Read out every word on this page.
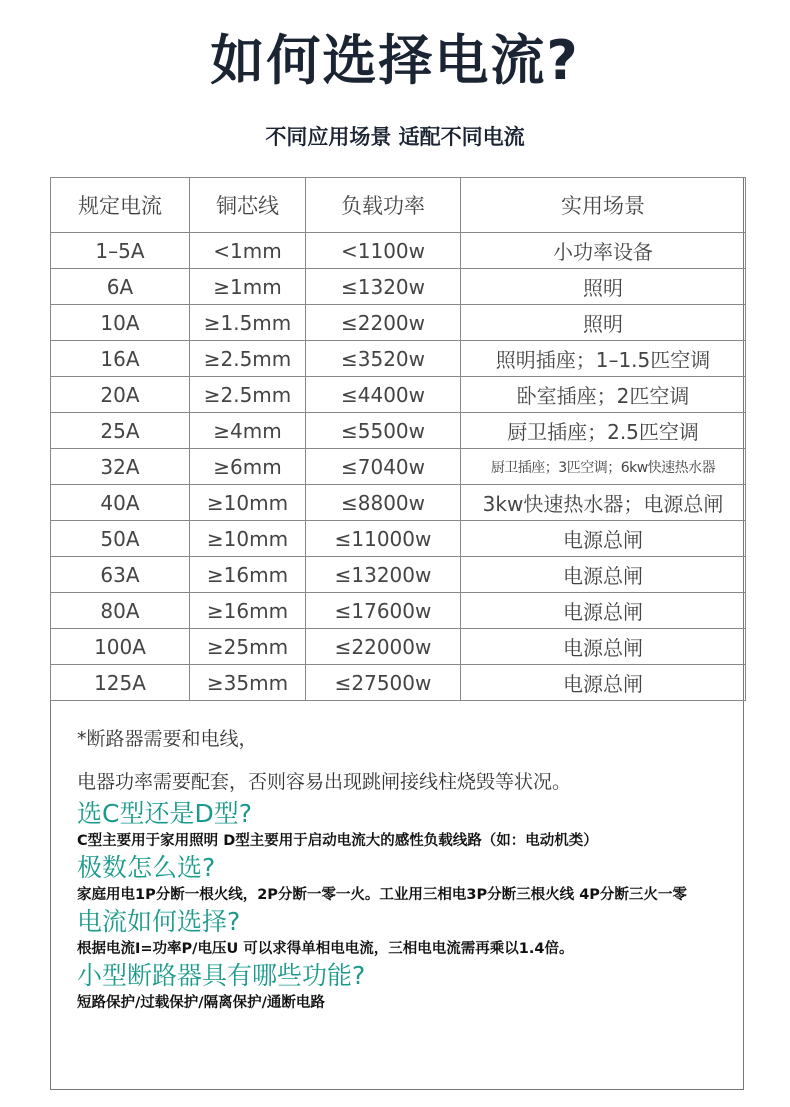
如何选择电流?
不同应用场景 适配不同电流
规定电流	铜芯线	负载功率	实用场景
1–5A	<1mm	<1100w	小功率设备
6A	≥1mm	≤1320w	照明
10A	≥1.5mm	≤2200w	照明
16A	≥2.5mm	≤3520w	照明插座；1–1.5匹空调
20A	≥2.5mm	≤4400w	卧室插座；2匹空调
25A	≥4mm	≤5500w	厨卫插座；2.5匹空调
32A	≥6mm	≤7040w	厨卫插座；3匹空调；6kw快速热水器
40A	≥10mm	≤8800w	3kw快速热水器；电源总闸
50A	≥10mm	≤11000w	电源总闸
63A	≥16mm	≤13200w	电源总闸
80A	≥16mm	≤17600w	电源总闸
100A	≥25mm	≤22000w	电源总闸
125A	≥35mm	≤27500w	电源总闸
*断路器需要和电线，
电器功率需要配套，否则容易出现跳闸接线柱烧毁等状况。
选C型还是D型?
C型主要用于家用照明 D型主要用于启动电流大的感性负载线路（如：电动机类）
极数怎么选?
家庭用电1P分断一根火线，2P分断一零一火。工业用三相电3P分断三根火线 4P分断三火一零
电流如何选择?
根据电流I=功率P/电压U 可以求得单相电电流，三相电电流需再乘以1.4倍。
小型断路器具有哪些功能?
短路保护/过载保护/隔离保护/通断电路
